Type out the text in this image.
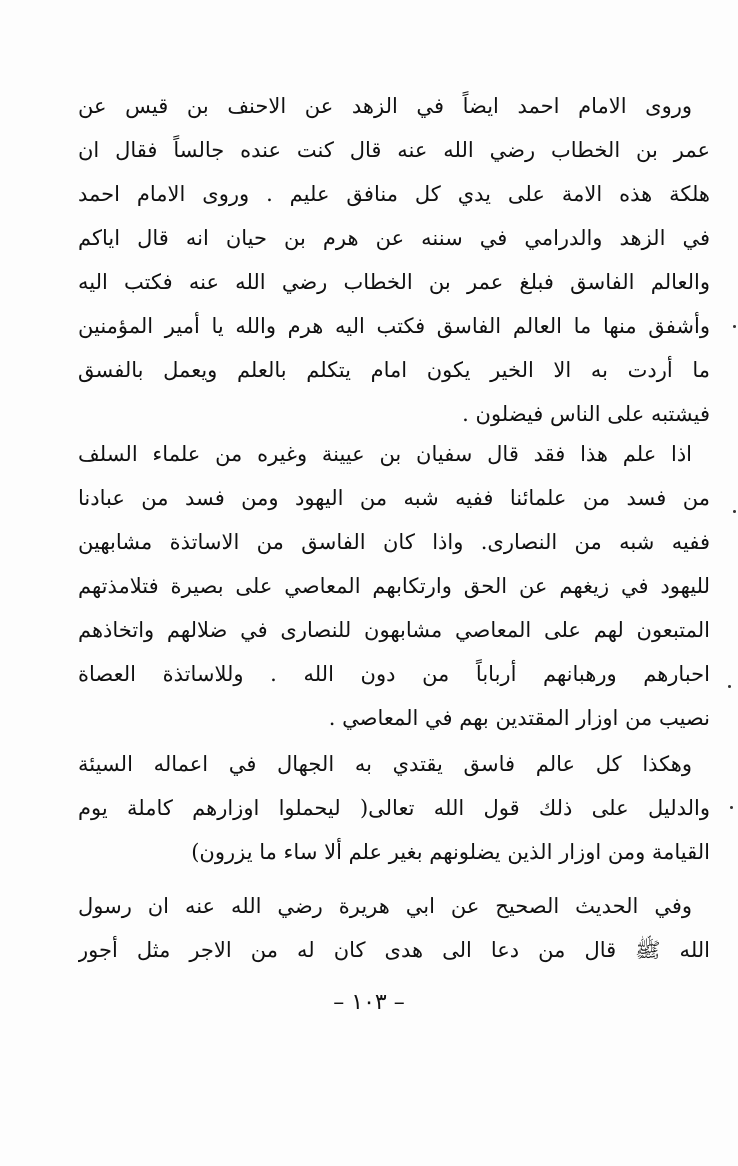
وروى الامام احمد ايضاً في الزهد عن الاحنف بن قيس عن
عمر بن الخطاب رضي الله عنه قال كنت عنده جالساً فقال ان
هلكة هذه الامة على يدي كل منافق عليم . وروى الامام احمد
في الزهد والدرامي في سننه عن هرم بن حيان انه قال اياكم
والعالم الفاسق فبلغ عمر بن الخطاب رضي الله عنه فكتب اليه
وأشفق منها ما العالم الفاسق فكتب اليه هرم والله يا أمير المؤمنين
ما أردت به الا الخير يكون امام يتكلم بالعلم ويعمل بالفسق
فيشتبه على الناس فيضلون .
اذا علم هذا فقد قال سفيان بن عيينة وغيره من علماء السلف
من فسد من علمائنا ففيه شبه من اليهود ومن فسد من عبادنا
ففيه شبه من النصارى. واذا كان الفاسق من الاساتذة مشابهين
لليهود في زيغهم عن الحق وارتكابهم المعاصي على بصيرة فتلامذتهم
المتبعون لهم على المعاصي مشابهون للنصارى في ضلالهم واتخاذهم
احبارهم ورهبانهم أرباباً من دون الله . وللاساتذة العصاة
نصيب من اوزار المقتدين بهم في المعاصي .
وهكذا كل عالم فاسق يقتدي به الجهال في اعماله السيئة
والدليل على ذلك قول الله تعالى( ليحملوا اوزارهم كاملة يوم
القيامة ومن اوزار الذين يضلونهم بغير علم ألا ساء ما يزرون)
وفي الحديث الصحيح عن ابي هريرة رضي الله عنه ان رسول
الله ﷺ قال من دعا الى هدى كان له من الاجر مثل أجور
– ١٠٣ –
